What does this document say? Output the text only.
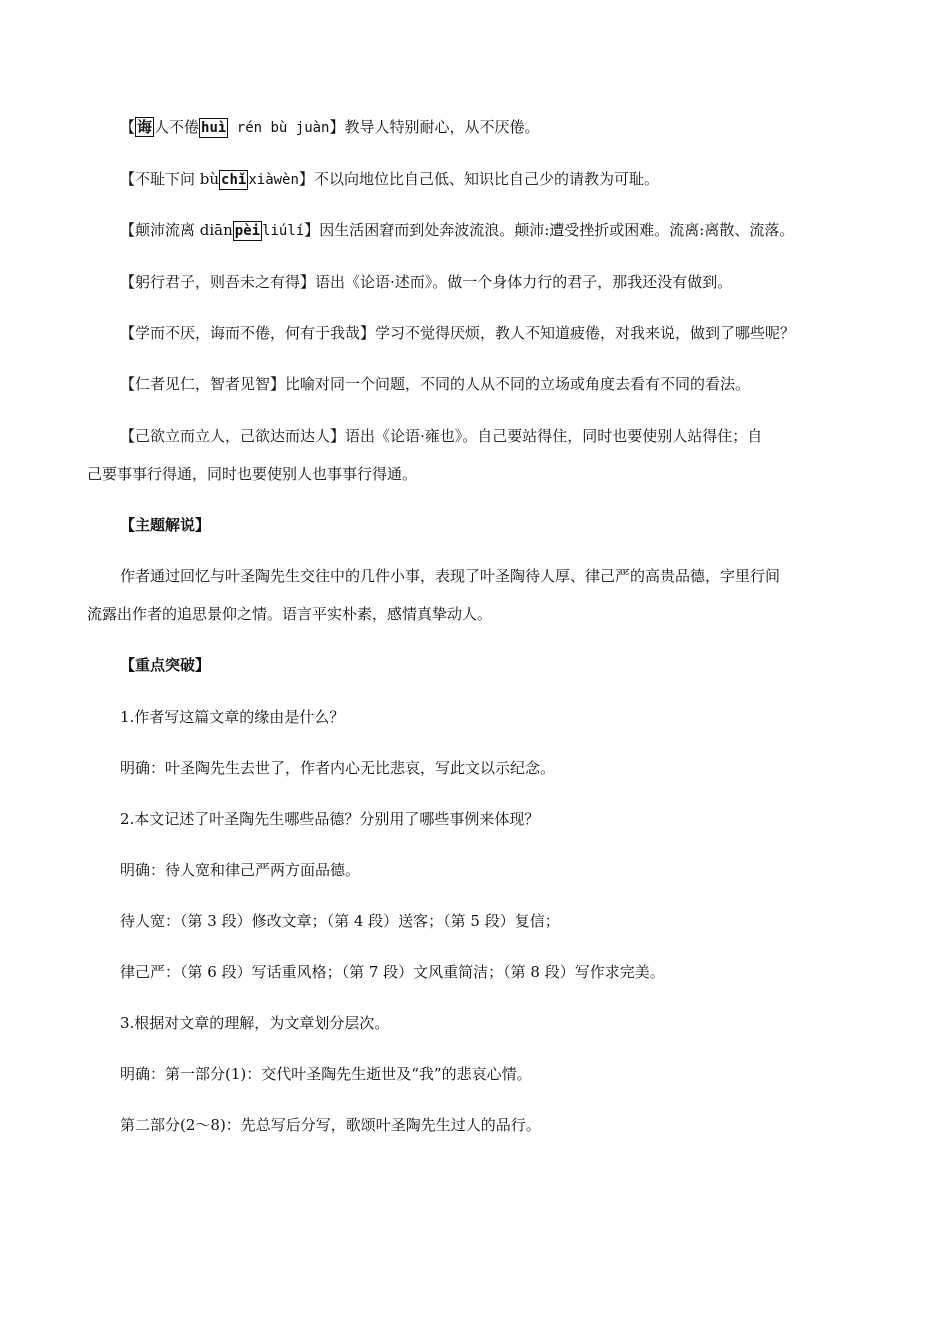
【 诲 人不倦 huì rén bù juàn】教导人特别耐心，从不厌倦。
【不耻下问 bù chǐ xiàwèn】不以向地位比自己低、知识比自己少的请教为可耻。
【颠沛流离 diān pèi liúlí】因生活困窘而到处奔波流浪。颠沛:遭受挫折或困难。流离:离散、流落。
【躬行君子，则吾未之有得】语出《论语·述而》。做一个身体力行的君子，那我还没有做到。
【学而不厌，诲而不倦，何有于我哉】学习不觉得厌烦，教人不知道疲倦，对我来说，做到了哪些呢？
【仁者见仁，智者见智】比喻对同一个问题，不同的人从不同的立场或角度去看有不同的看法。
【己欲立而立人，己欲达而达人】语出《论语·雍也》。自己要站得住，同时也要使别人站得住；自
己要事事行得通，同时也要使别人也事事行得通。
【主题解说】
作者通过回忆与叶圣陶先生交往中的几件小事，表现了叶圣陶待人厚、律己严的高贵品德，字里行间
流露出作者的追思景仰之情。语言平实朴素，感情真挚动人。
【重点突破】
1.作者写这篇文章的缘由是什么？
明确：叶圣陶先生去世了，作者内心无比悲哀，写此文以示纪念。
2.本文记述了叶圣陶先生哪些品德？分别用了哪些事例来体现？
明确：待人宽和律己严两方面品德。
待人宽：（第 3 段）修改文章；（第 4 段）送客；（第 5 段）复信；
律己严：（第 6 段）写话重风格；（第 7 段）文风重简洁；（第 8 段）写作求完美。
3.根据对文章的理解，为文章划分层次。
明确：第一部分(1)：交代叶圣陶先生逝世及“我”的悲哀心情。
第二部分(2～8)：先总写后分写，歌颂叶圣陶先生过人的品行。
